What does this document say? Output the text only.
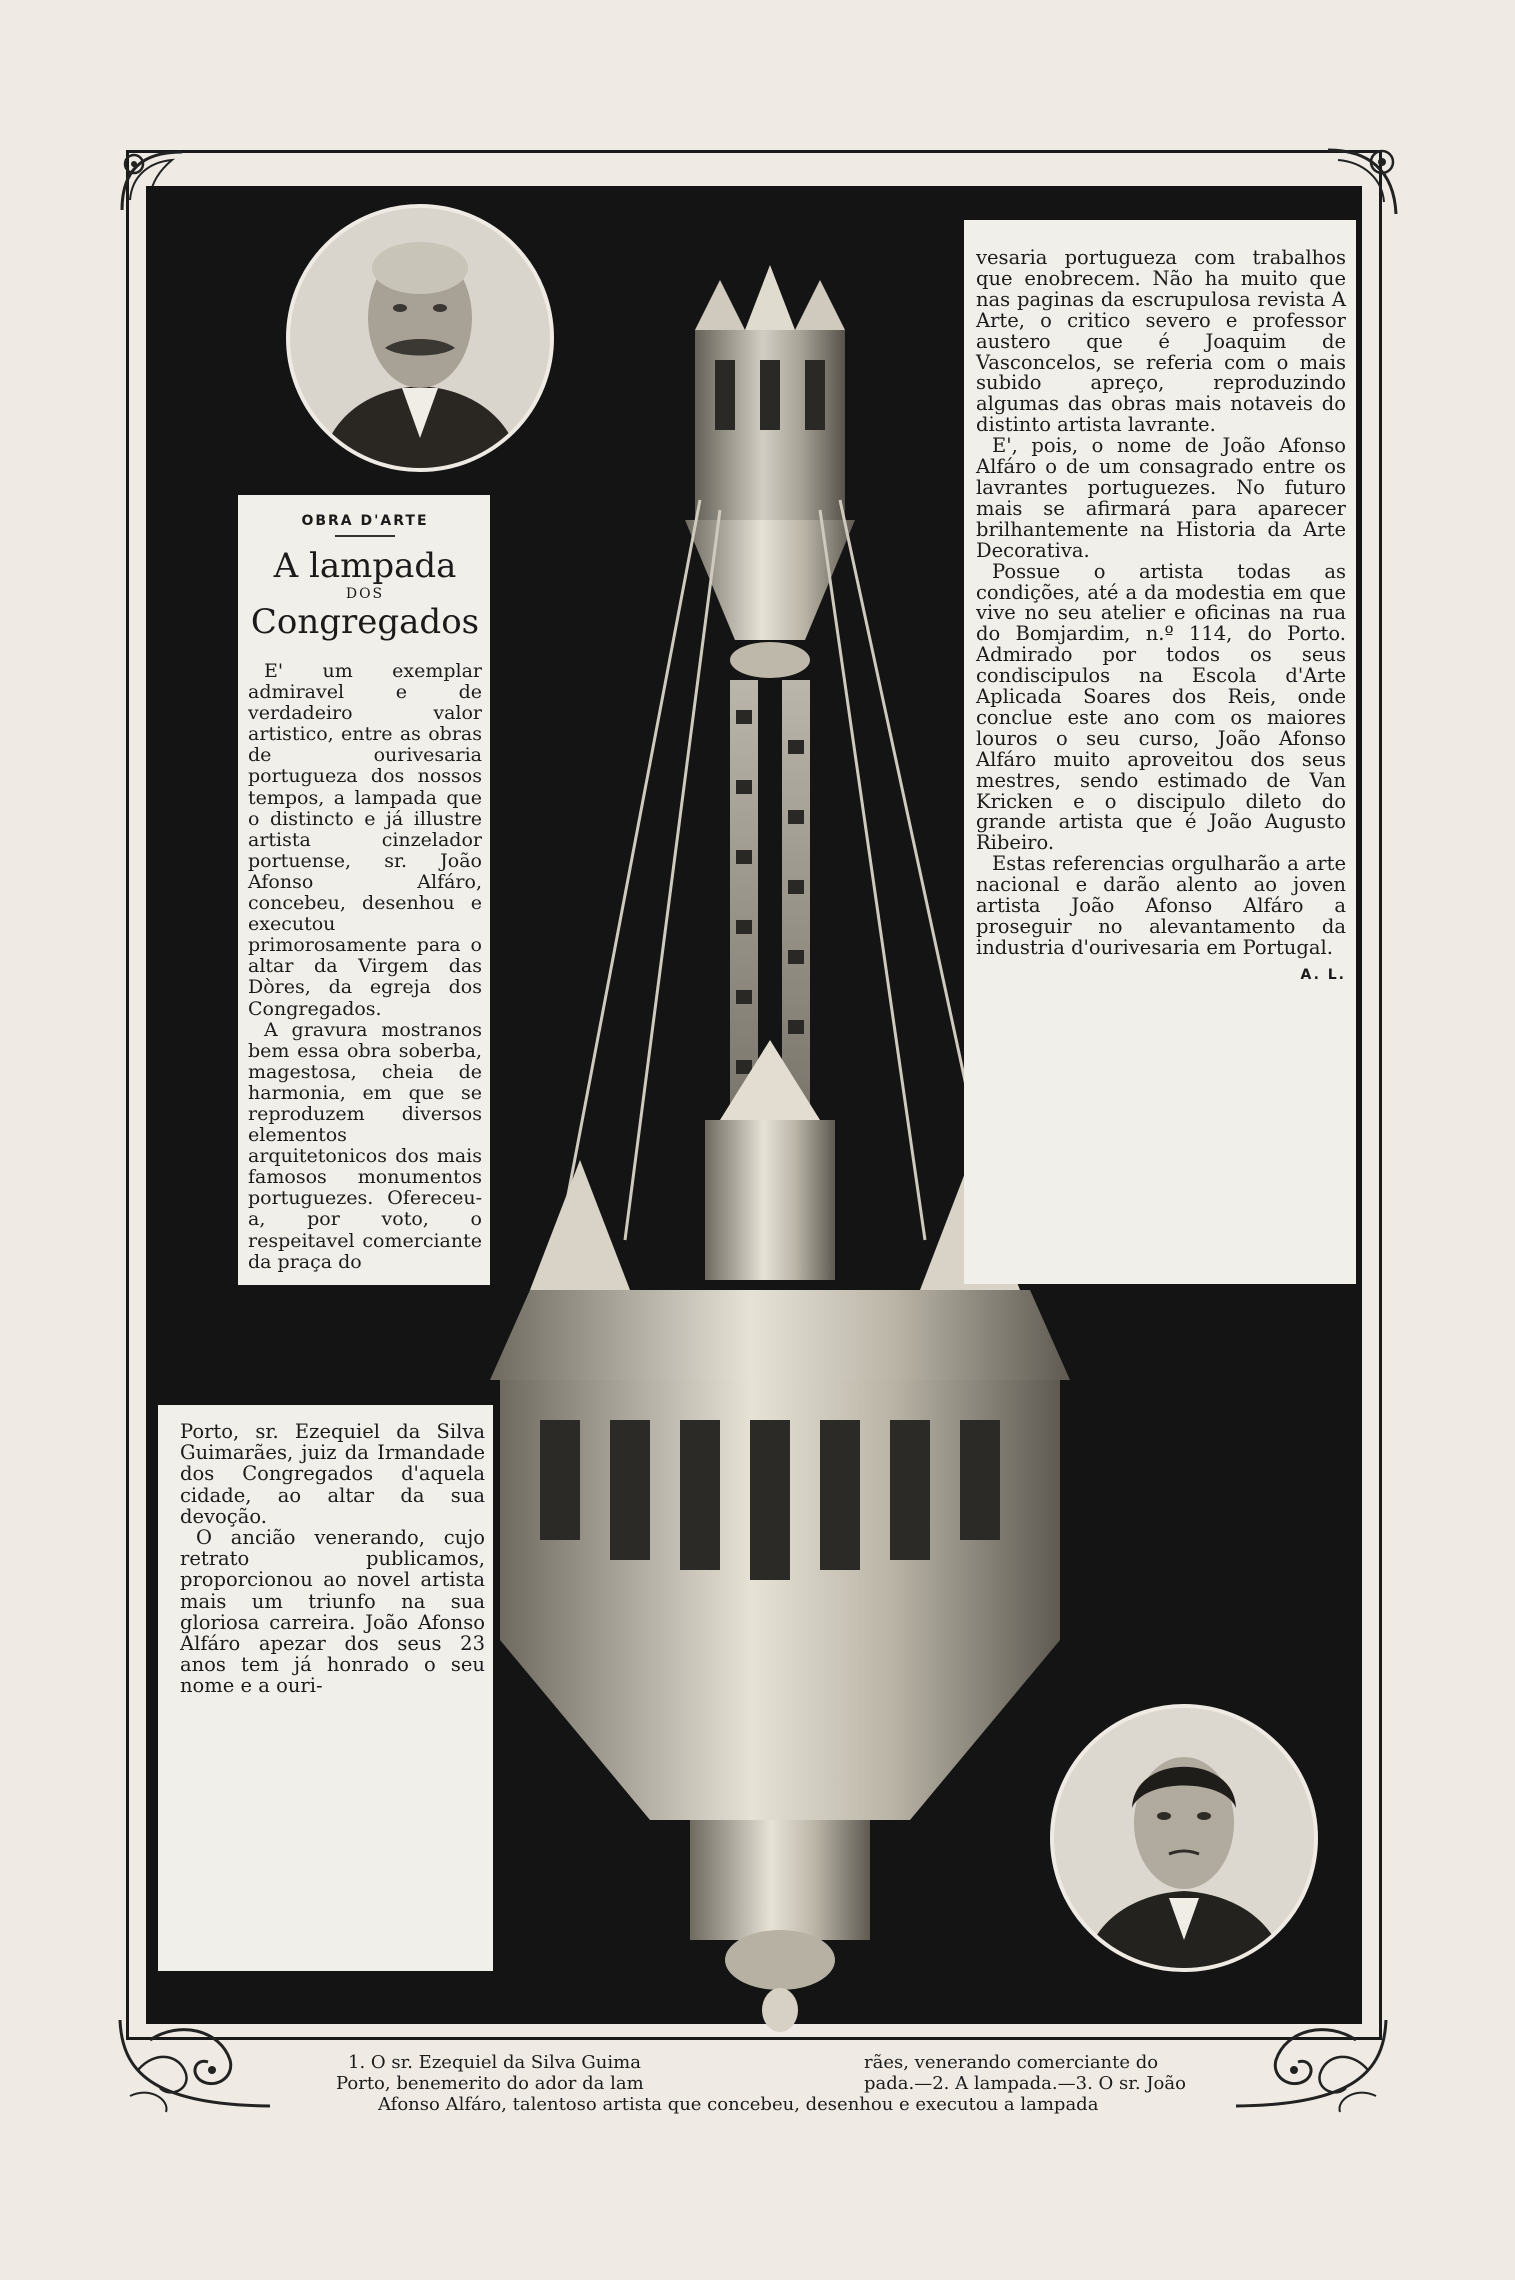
OBRA D'ARTE
A lampada
DOS
Congregados

E' um exemplar admiravel e de verdadeiro valor artistico, entre as obras de ourivesaria portugueza dos nossos tempos, a lampada que o distincto e já illustre artista cinzelador portuense, sr. João Afonso Alfáro, concebeu, desenhou e executou primorosamente para o altar da Virgem das Dòres, da egreja dos Congregados.

A gravura mostranos bem essa obra soberba, magestosa, cheia de harmonia, em que se reproduzem diversos elementos arquitetonicos dos mais famosos monumentos portuguezes. Ofereceu-a, por voto, o respeitavel comerciante da praça do

vesaria portugueza com trabalhos que enobrecem. Não ha muito que nas paginas da escrupulosa revista A Arte, o critico severo e professor austero que é Joaquim de Vasconcelos, se referia com o mais subido apreço, reproduzindo algumas das obras mais notaveis do distinto artista lavrante.

E', pois, o nome de João Afonso Alfáro o de um consagrado entre os lavrantes portuguezes. No futuro mais se afirmará para aparecer brilhantemente na Historia da Arte Decorativa.

Possue o artista todas as condições, até a da modestia em que vive no seu atelier e oficinas na rua do Bomjardim, n.º 114, do Porto. Admirado por todos os seus condiscipulos na Escola d'Arte Aplicada Soares dos Reis, onde conclue este ano com os maiores louros o seu curso, João Afonso Alfáro muito aproveitou dos seus mestres, sendo estimado de Van Kricken e o discipulo dileto do grande artista que é João Augusto Ribeiro.

Estas referencias orgulharão a arte nacional e darão alento ao joven artista João Afonso Alfáro a proseguir no alevantamento da industria d'ourivesaria em Portugal.

A. L.

Porto, sr. Ezequiel da Silva Guimarães, juiz da Irmandade dos Congregados d'aquela cidade, ao altar da sua devoção.

O ancião venerando, cujo retrato publicamos, proporcionou ao novel artista mais um triunfo na sua gloriosa carreira. João Afonso Alfáro apezar dos seus 23 anos tem já honrado o seu nome e a ouri-

1. O sr. Ezequiel da Silva Guima	rães, venerando comerciante do
Porto, benemerito do ador da lam	pada.—2. A lampada.—3. O sr. João
Afonso Alfáro, talentoso artista que concebeu, desenhou e executou a lampada
